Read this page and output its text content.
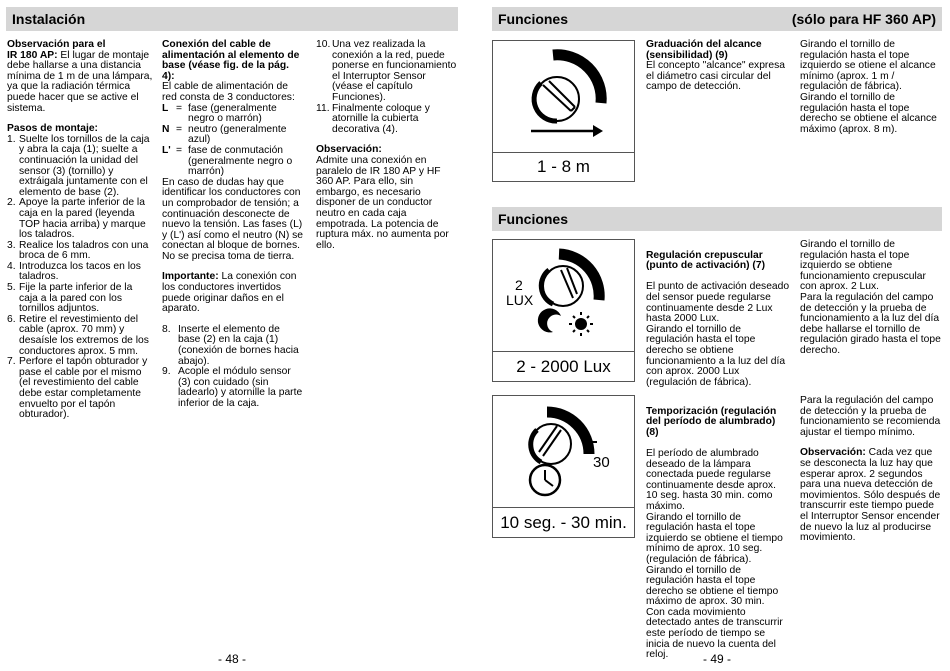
Instalación
Observación para el
IR 180 AP: El lugar de montaje debe hallarse a una distancia mínima de 1 m de una lámpara, ya que la radiación térmica puede hacer que se active el sistema.
Pasos de montaje:
1. Suelte los tornillos de la caja y abra la caja (1); suelte a continuación la unidad del sensor (3) (tornillo) y extráigala juntamente con el elemento de base (2).
2. Apoye la parte inferior de la caja en la pared (leyenda TOP hacia arriba) y marque los taladros.
3. Realice los taladros con una broca de 6 mm.
4. Introduzca los tacos en los taladros.
5. Fije la parte inferior de la caja a la pared con los tornillos adjuntos.
6. Retire el revestimiento del cable (aprox. 70 mm) y desaísle los extremos de los conductores aprox. 5 mm.
7. Perfore el tapón obturador y pase el cable por el mismo (el revestimiento del cable debe estar completamente envuelto por el tapón obturador).
Conexión del cable de alimentación al elemento de base (véase fig. de la pág. 4):
El cable de alimentación de red consta de 3 conductores:
L = fase (generalmente negro o marrón)
N = neutro (generalmente azul)
L' = fase de conmutación (generalmente negro o marrón)
En caso de dudas hay que identificar los conductores con un comprobador de tensión; a continuación desconecte de nuevo la tensión. Las fases (L) y (L') así como el neutro (N) se conectan al bloque de bornes. No se precisa toma de tierra.
Importante: La conexión con los conductores invertidos puede originar daños en el aparato.
8. Inserte el elemento de base (2) en la caja (1) (conexión de bornes hacia abajo).
9. Acople el módulo sensor (3) con cuidado (sin ladearlo) y atornille la parte inferior de la caja.
10. Una vez realizada la conexión a la red, puede ponerse en funcionamiento el Interruptor Sensor (véase el capítulo Funciones).
11. Finalmente coloque y atornille la cubierta decorativa (4).
Observación:
Admite una conexión en paralelo de IR 180 AP y HF 360 AP. Para ello, sin embargo, es necesario disponer de un conductor neutro en cada caja empotrada. La potencia de ruptura máx. no aumenta por ello.
- 48 -
Funciones	(sólo para HF 360 AP)
Funciones
1 - 8 m
2
LUX
2 - 2000 Lux
30
10 seg. - 30 min.
Graduación del alcance (sensibilidad) (9)
El concepto "alcance" expresa el diámetro casi circular del campo de detección.
Girando el tornillo de regulación hasta el tope izquierdo se otiene el alcance mínimo (aprox. 1 m / regulación de fábrica).
Girando el tornillo de regulación hasta el tope derecho se obtiene el alcance máximo (aprox. 8 m).

Regulación crepuscular (punto de activación) (7)

El punto de activación deseado del sensor puede regularse continuamente desde 2 Lux hasta 2000 Lux.
Girando el tornillo de regulación hasta el tope derecho se obtiene funcionamiento a la luz del día con aprox. 2000 Lux (regulación de fábrica).

Girando el tornillo de regulación hasta el tope izquierdo se obtiene funcionamiento crepuscular con aprox. 2 Lux.
Para la regulación del campo de detección y la prueba de funcionamiento a la luz del día debe hallarse el tornillo de regulación girado hasta el tope derecho.

Temporización (regulación del período de alumbrado) (8)

El período de alumbrado deseado de la lámpara conectada puede regularse continuamente desde aprox. 10 seg. hasta 30 min. como máximo.
Girando el tornillo de regulación hasta el tope izquierdo se obtiene el tiempo mínimo de aprox. 10 seg. (regulación de fábrica).
Girando el tornillo de regulación hasta el tope derecho se obtiene el tiempo máximo de aprox. 30 min.
Con cada movimiento detectado antes de transcurrir este período de tiempo se inicia de nuevo la cuenta del reloj.

Para la regulación del campo de detección y la prueba de funcionamiento se recomienda ajustar el tiempo mínimo.
Observación: Cada vez que se desconecta la luz hay que esperar aprox. 2 segundos para una nueva detección de movimientos. Sólo después de transcurrir este tiempo puede el Interruptor Sensor encender de nuevo la luz al producirse movimiento.
- 49 -
